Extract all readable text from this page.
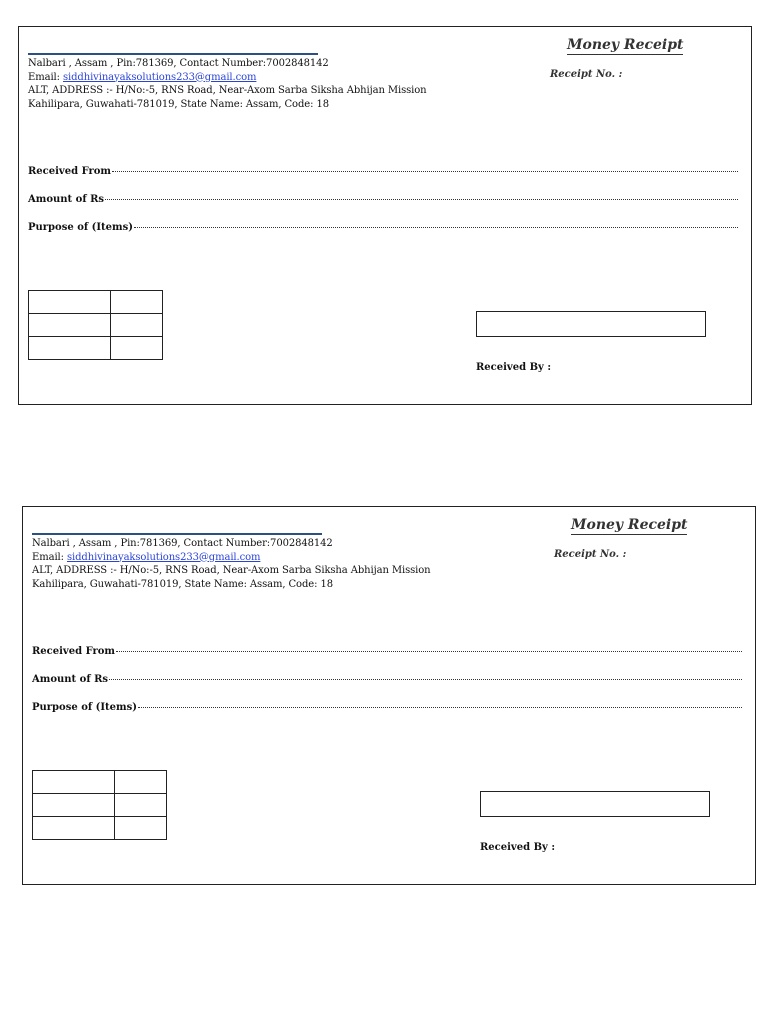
Nalbari , Assam , Pin:781369, Contact Number:7002848142
Email: siddhivinayaksolutions233@gmail.com
ALT, ADDRESS :- H/No:-5, RNS Road, Near-Axom Sarba Siksha Abhijan Mission
Kahilipara, Guwahati-781019, State Name: Assam, Code: 18
Money Receipt
Receipt No. :
Received From
Amount of Rs
Purpose of (Items)

Received By :
Nalbari , Assam , Pin:781369, Contact Number:7002848142
Email: siddhivinayaksolutions233@gmail.com
ALT, ADDRESS :- H/No:-5, RNS Road, Near-Axom Sarba Siksha Abhijan Mission
Kahilipara, Guwahati-781019, State Name: Assam, Code: 18
Money Receipt
Receipt No. :
Received From
Amount of Rs
Purpose of (Items)

Received By :
